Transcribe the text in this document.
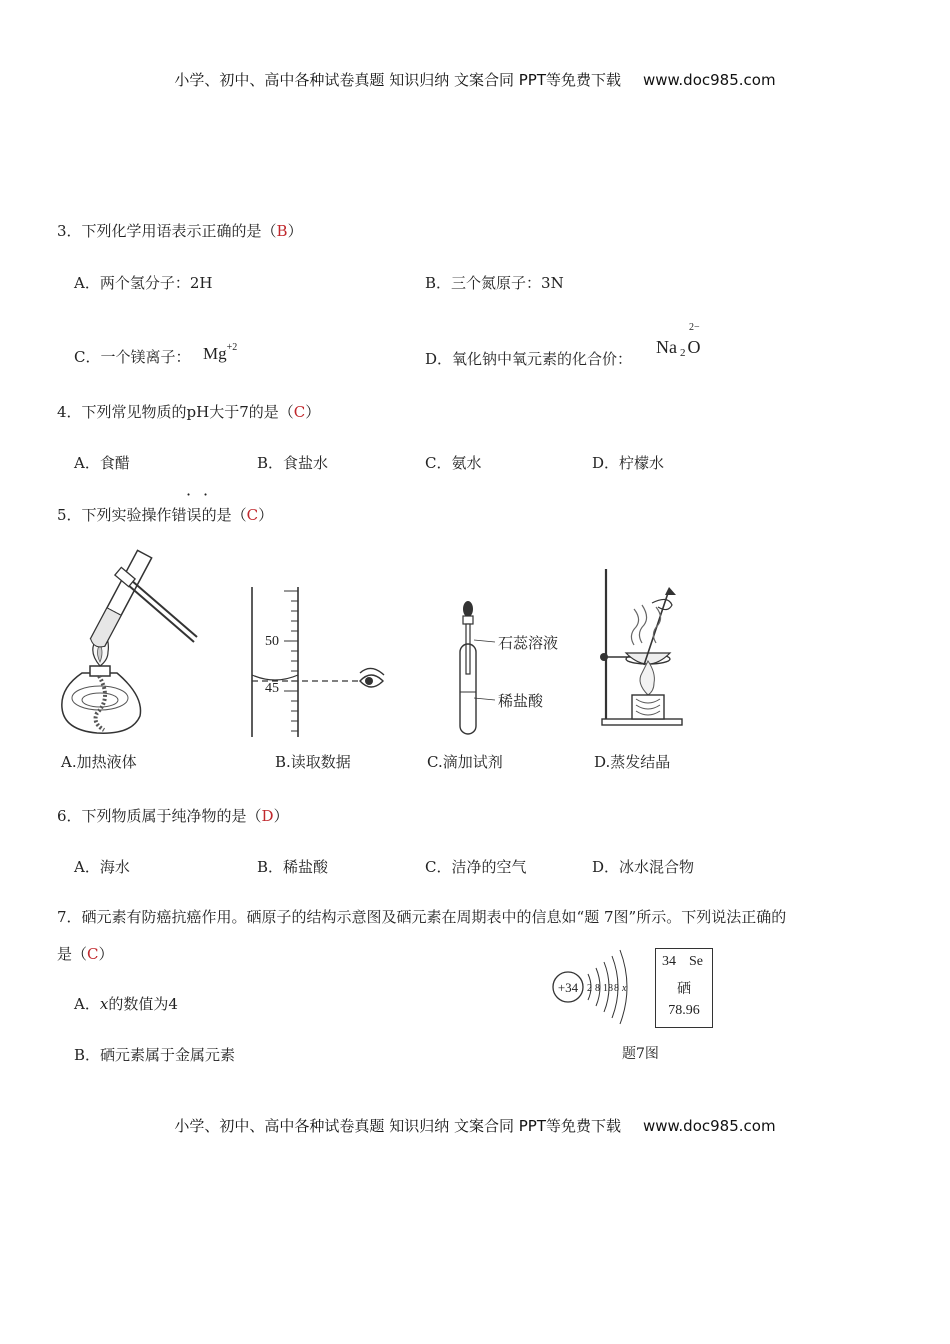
小学、初中、高中各种试卷真题 知识归纳 文案合同 PPT等免费下载 www.doc985.com
3．下列化学用语表示正确的是（B）
A．两个氢分子：2H	B．三个氮原子：3N
C．一个镁离子： $Mg^{+2}$
D．氧化钠中氧元素的化合价：
Na $_2$ O
2−
4．下列常见物质的pH大于7的是（C）
A．食醋	B．食盐水	C．氨水	D．柠檬水
5．下列实验操作错误的是（C）
· ·
50
45
石蕊溶液
稀盐酸
A.加热液体	B.读取数据	C.滴加试剂	D.蒸发结晶
6．下列物质属于纯净物的是（D）
A．海水	B．稀盐酸	C．洁净的空气	D．冰水混合物
7．硒元素有防癌抗癌作用。硒原子的结构示意图及硒元素在周期表中的信息如“题 7图”所示。下列说法正确的
是（C）
A．x的数值为4
B．硒元素属于金属元素
+34 2 8 18 8 x
34 Se
硒
78.96
题7图
小学、初中、高中各种试卷真题 知识归纳 文案合同 PPT等免费下载 www.doc985.com
